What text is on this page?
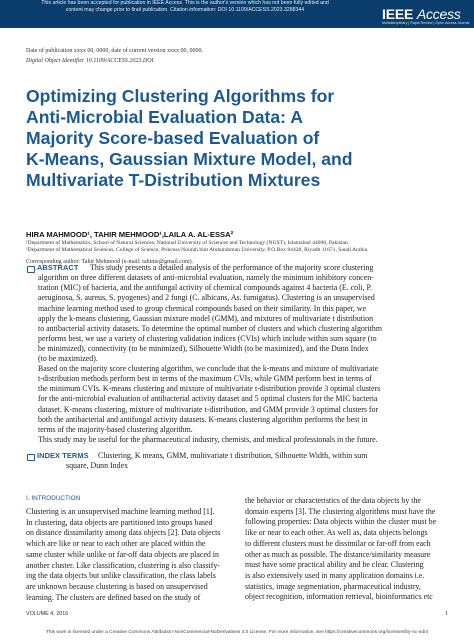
This article has been accepted for publication in IEEE Access. This is the author's version which has not been fully edited and
content may change prior to final publication. Citation information: DOI 10.1109/ACCESS.2023.3288344	IEEE Access
Multidisciplinary | Rapid Review | Open Access Journal
Date of publication xxxx 00, 0000, date of current version xxxx 00, 0000.
Digital Object Identifier 10.1109/ACCESS.2023.DOI
Optimizing Clustering Algorithms for
Anti-Microbial Evaluation Data: A
Majority Score-based Evaluation of
K-Means, Gaussian Mixture Model, and
Multivariate T-Distribution Mixtures
HIRA MAHMOOD¹, TAHIR MEHMOOD¹,LAILA A. AL-ESSA²
¹Department of Mathematics, School of Natural Sciences, National University of Sciences and Technology (NUST), Islamabad 44000, Pakistan
²Department of Mathematical Sciences, College of Science, Princess Nourah bint Abdulrahman University, P.O.Box 84428, Riyadh 11671, Saudi Arabia
Corresponding author: Tahir Mehmood (e-mail: tahime@gmail.com).
ABSTRACT	This study presents a detailed analysis of the performance of the majority score clustering
algorithm on three different datasets of anti-microbial evaluation, namely the minimum inhibitory concen-
tration (MIC) of bacteria, and the antifungal activity of chemical compounds against 4 bacteria (E. coli, P.
aeruginosa, S. aureus, S. pyogenes) and 2 fungi (C. albicans, As. fumigatus). Clustering is an unsupervised
machine learning method used to group chemical compounds based on their similarity. In this paper, we
apply the k-means clustering, Gaussian mixture model (GMM), and mixtures of multivariate t distribution
to antibacterial activity datasets. To determine the optimal number of clusters and which clustering algorithm
performs best, we use a variety of clustering validation indices (CVIs) which include within sum square (to
be minimized), connectivity (to be minimized), Silhouette Width (to be maximized), and the Dunn Index
(to be maximized).
Based on the majority score clustering algorithm, we conclude that the k-means and mixture of multivariate
t-distribution methods perform best in terms of the maximum CVIs, while GMM perform best in terms of
the minimum CVIs. K-means clustering and mixture of multivariate t-distribution provide 3 optimal clusters
for the anti-microbial evaluation of antibacterial activity dataset and 5 optimal clusters for the MIC bacteria
dataset. K-means clustering, mixture of multivariate t-distribution, and GMM provide 3 optimal clusters for
both the antibacterial and antifungal activity datasets. K-means clustering algorithm performs the best in
terms of the majority-based clustering algorithm.
This study may be useful for the pharmaceutical industry, chemists, and medical professionals in the future.
INDEX TERMS	Clustering, K means, GMM, multivariate t distribution, Silhouette Width, within sum
square, Dunn Index
I. INTRODUCTION

Clustering is an unsupervised machine learning method [1].

In clustering, data objects are partitioned into groups based

on distance dissimilarity among data objects [2]. Data objects

which are like or near to each other are placed within the

same cluster while unlike or far-off data objects are placed in

another cluster. Like classification, clustering is also classify-

ing the data objects but unlike classification, the class labels

are unknown because clustering is based on unsupervised

learning. The clusters are defined based on the study of

the behavior or characteristics of the data objects by the

domain experts [3]. The clustering algorithms must have the

following properties: Data objects within the cluster must be

like or near to each other. As well as, data objects belongs

to different clusters must be dissimilar or far-off from each

other as much as possible. The distance/similarity measure

must have some practical ability and be clear. Clustering

is also extensively used in many application domains i.e.

statistics, image segmentation, pharmaceutical industry,

object recognition, information retrieval, bioinformatics etc

VOLUME 4, 2016	1
This work is licensed under a Creative Commons Attribution-NonCommercial-NoDerivatives 4.0 License. For more information, see https://creativecommons.org/licenses/by-nc-nd/4
